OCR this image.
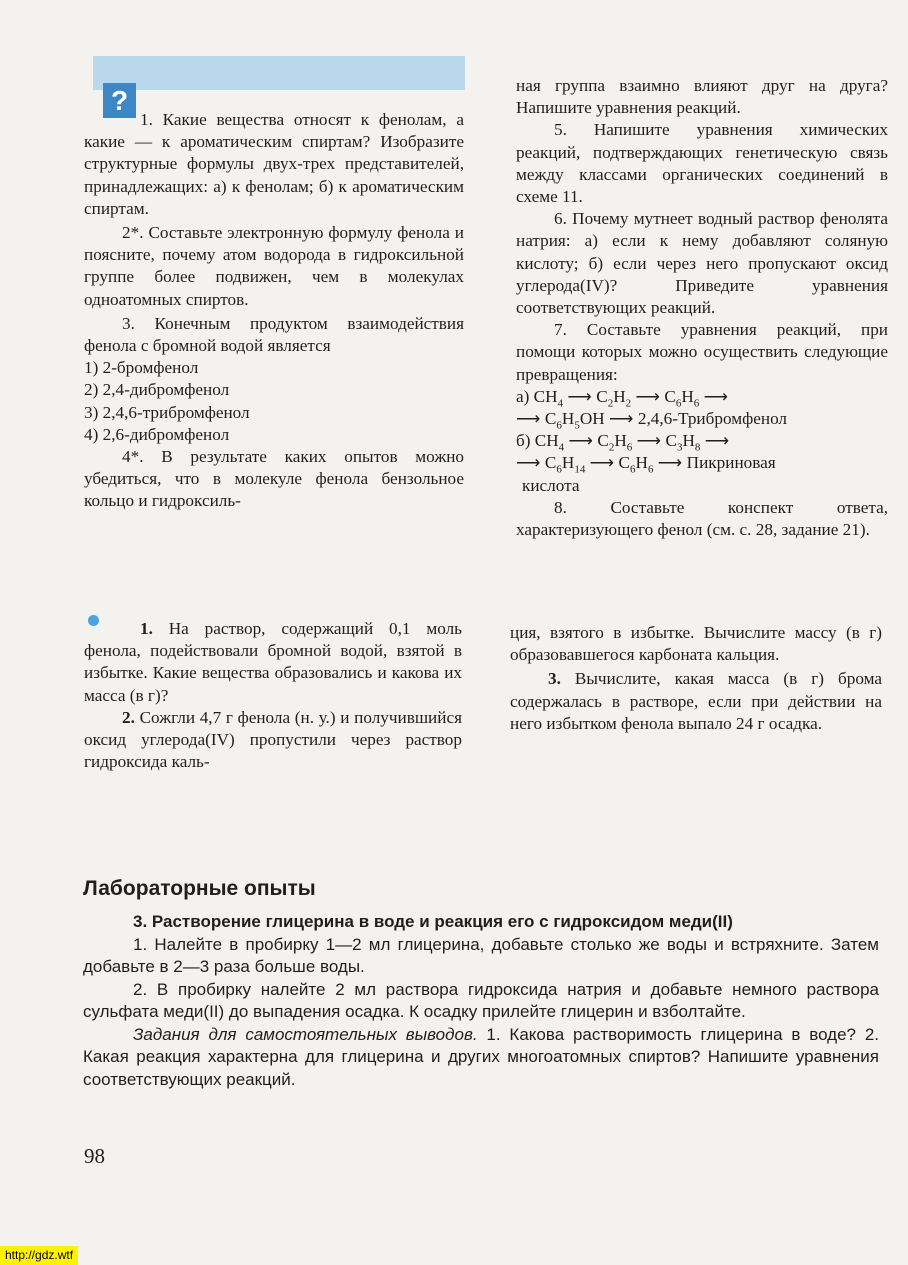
?

1. Какие вещества относят к фенолам, а какие — к ароматическим спиртам? Изобразите структурные формулы двух-трех представителей, принадлежащих: а) к фенолам; б) к ароматическим спиртам.

2*. Составьте электронную формулу фенола и поясните, почему атом водорода в гидроксильной группе более подвижен, чем в молекулах одноатомных спиртов.

3. Конечным продуктом взаимодействия фенола с бромной водой является

1) 2-бромфенол

2) 2,4-дибромфенол

3) 2,4,6-трибромфенол

4) 2,6-дибромфенол

4*. В результате каких опытов можно убедиться, что в молекуле фенола бензольное кольцо и гидроксиль-

ная группа взаимно влияют друг на друга? Напишите уравнения реакций.

5. Напишите уравнения химических реакций, подтверждающих генетическую связь между классами органических соединений в схеме 11.

6. Почему мутнеет водный раствор фенолята натрия: а) если к нему добавляют соляную кислоту; б) если через него пропускают оксид углерода(IV)? Приведите уравнения соответствующих реакций.

7. Составьте уравнения реакций, при помощи которых можно осуществить следующие превращения:

а) $CH_4$ ⟶ $C_2H_2$ ⟶ $C_6H_6$ ⟶

⟶ $C_6H_5OH$ ⟶ 2,4,6-Трибромфенол

б) $CH_4$ ⟶ $C_2H_6$ ⟶ $C_3H_8$ ⟶

⟶ $C_6H_{14}$ ⟶ $C_6H_6$ ⟶ Пикриновая

кислота

8. Составьте конспект ответа, характеризующего фенол (см. с. 28, задание 21).

1. На раствор, содержащий 0,1 моль фенола, подействовали бромной водой, взятой в избытке. Какие вещества образовались и какова их масса (в г)?

2. Сожгли 4,7 г фенола (н. у.) и получившийся оксид углерода(IV) пропустили через раствор гидроксида каль-

ция, взятого в избытке. Вычислите массу (в г) образовавшегося карбоната кальция.

3. Вычислите, какая масса (в г) брома содержалась в растворе, если при действии на него избытком фенола выпало 24 г осадка.

Лабораторные опыты

3. Растворение глицерина в воде и реакция его с гидроксидом меди(II)

1. Налейте в пробирку 1—2 мл глицерина, добавьте столько же воды и встряхните. Затем добавьте в 2—3 раза больше воды.

2. В пробирку налейте 2 мл раствора гидроксида натрия и добавьте немного раствора сульфата меди(II) до выпадения осадка. К осадку прилейте глицерин и взболтайте.

Задания для самостоятельных выводов. 1. Какова растворимость глицерина в воде? 2. Какая реакция характерна для глицерина и других многоатомных спиртов? Напишите уравнения соответствующих реакций.

98
http://gdz.wtf
